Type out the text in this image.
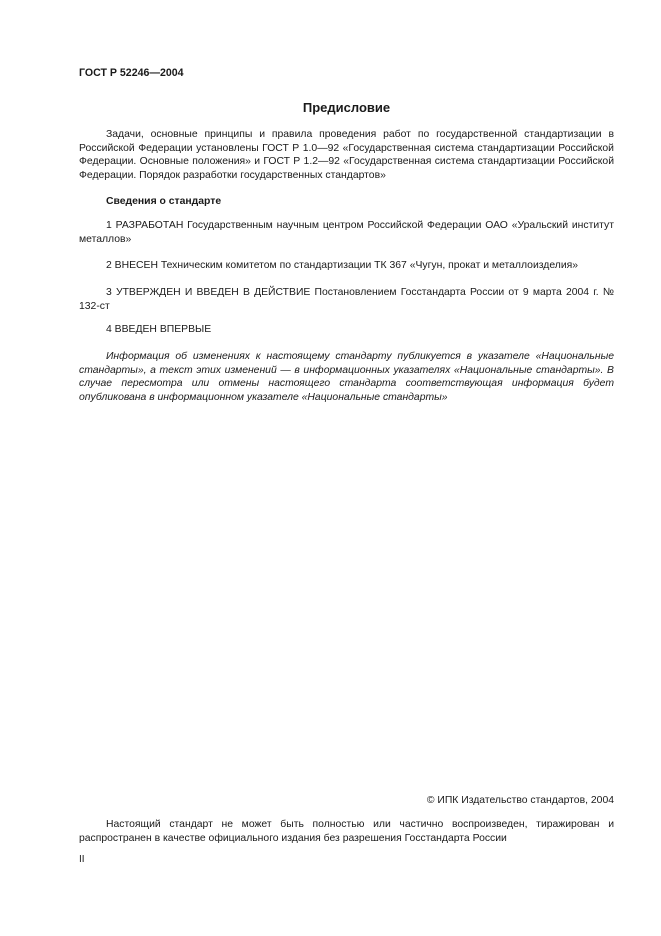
ГОСТ Р 52246—2004
Предисловие

Задачи, основные принципы и правила проведения работ по государственной стандартизации в Российской Федерации установлены ГОСТ Р 1.0—92 «Государственная система стандартизации Российской Федерации. Основные положения» и ГОСТ Р 1.2—92 «Государственная система стандартизации Российской Федерации. Порядок разработки государственных стандартов»

Сведения о стандарте

1 РАЗРАБОТАН Государственным научным центром Российской Федерации ОАО «Уральский институт металлов»

2 ВНЕСЕН Техническим комитетом по стандартизации ТК 367 «Чугун, прокат и металлоизделия»

3 УТВЕРЖДЕН И ВВЕДЕН В ДЕЙСТВИЕ Постановлением Госстандарта России от 9 марта 2004 г. № 132-ст

4 ВВЕДЕН ВПЕРВЫЕ

Информация об изменениях к настоящему стандарту публикуется в указателе «Национальные стандарты», а текст этих изменений — в информационных указателях «Национальные стандарты». В случае пересмотра или отмены настоящего стандарта соответствующая информация будет опубликована в информационном указателе «Национальные стандарты»

© ИПК Издательство стандартов, 2004

Настоящий стандарт не может быть полностью или частично воспроизведен, тиражирован и распространен в качестве официального издания без разрешения Госстандарта России

II
